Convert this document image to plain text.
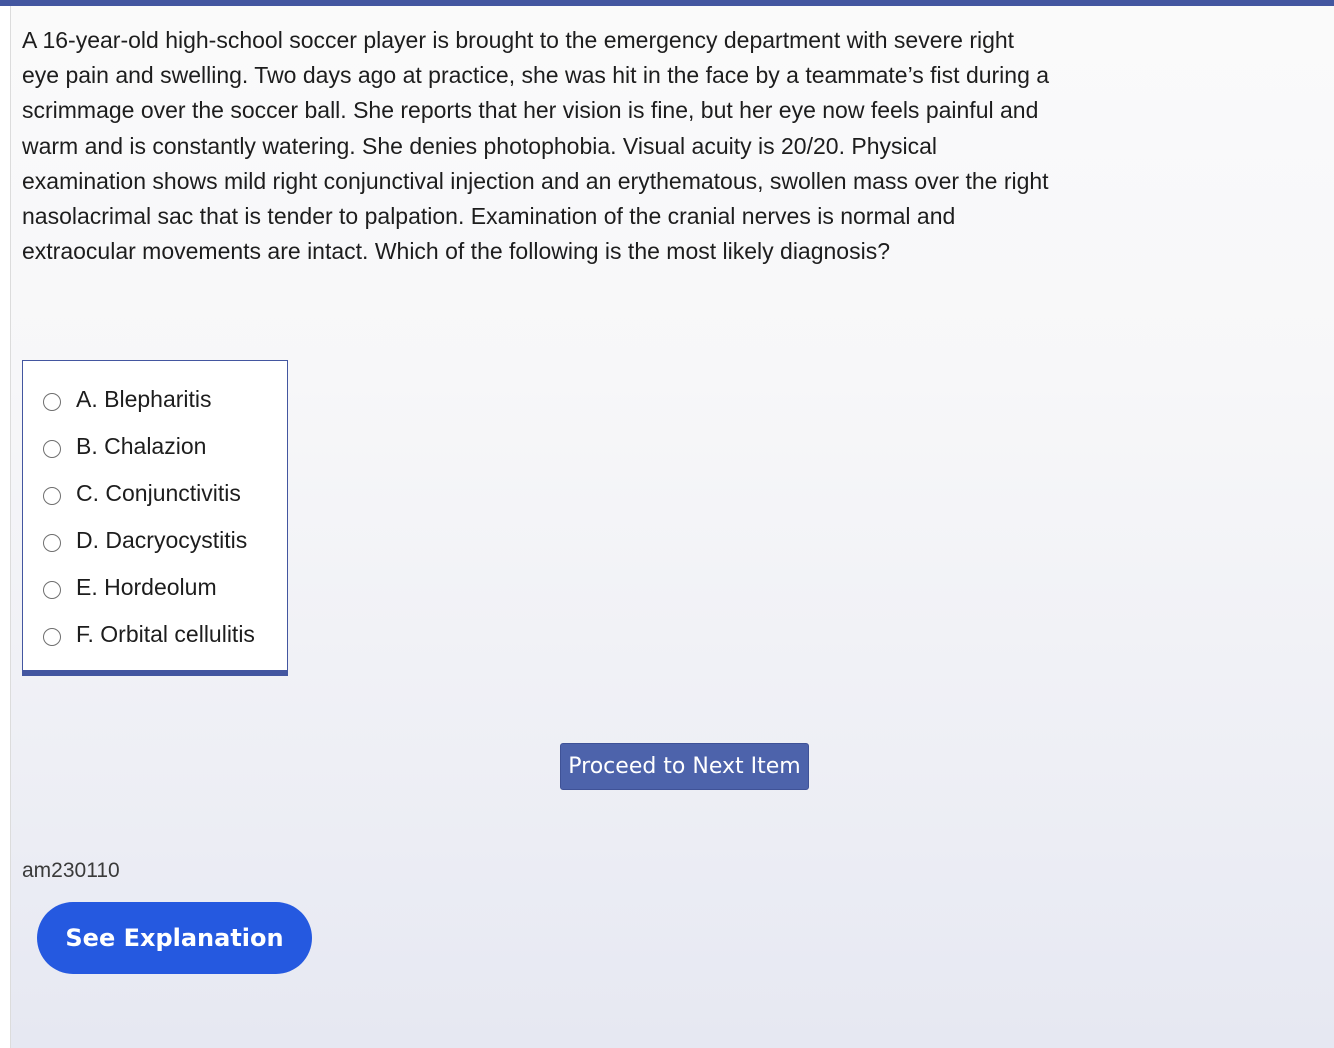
A 16-year-old high-school soccer player is brought to the emergency department with severe right eye pain and swelling. Two days ago at practice, she was hit in the face by a teammate’s fist during a scrimmage over the soccer ball. She reports that her vision is fine, but her eye now feels painful and warm and is constantly watering. She denies photophobia. Visual acuity is 20/20. Physical examination shows mild right conjunctival injection and an erythematous, swollen mass over the right nasolacrimal sac that is tender to palpation. Examination of the cranial nerves is normal and extraocular movements are intact. Which of the following is the most likely diagnosis?

A. Blepharitis
B. Chalazion
C. Conjunctivitis
D. Dacryocystitis
E. Hordeolum
F. Orbital cellulitis
Proceed to Next Item
am230110
See Explanation
